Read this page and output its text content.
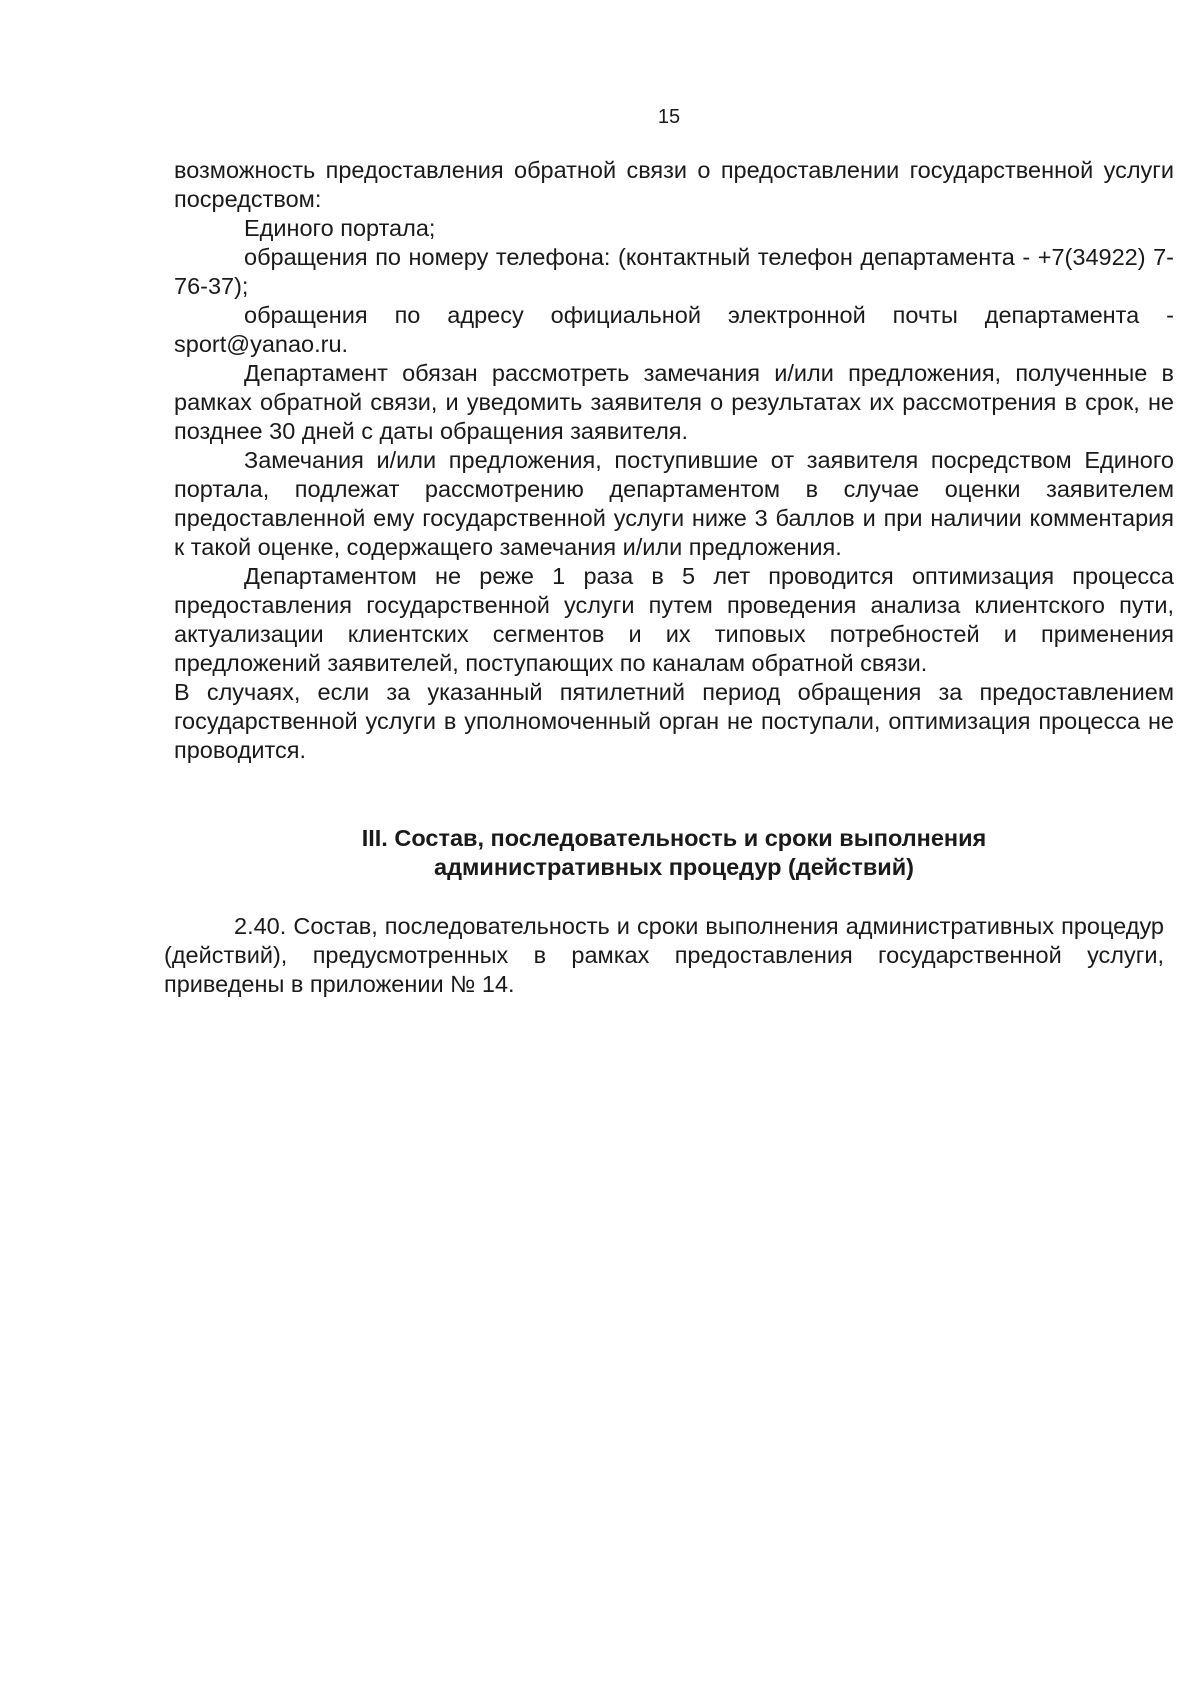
15

возможность предоставления обратной связи о предоставлении государственной услуги посредством:

Единого портала;

обращения по номеру телефона: (контактный телефон департамента - +7(34922) 7-76-37);

обращения по адресу официальной электронной почты департамента - sport@yanao.ru.

Департамент обязан рассмотреть замечания и/или предложения, полученные в рамках обратной связи, и уведомить заявителя о результатах их рассмотрения в срок, не позднее 30 дней с даты обращения заявителя.

Замечания и/или предложения, поступившие от заявителя посредством Единого портала, подлежат рассмотрению департаментом в случае оценки заявителем предоставленной ему государственной услуги ниже 3 баллов и при наличии комментария к такой оценке, содержащего замечания и/или предложения.

Департаментом не реже 1 раза в 5 лет проводится оптимизация процесса предоставления государственной услуги путем проведения анализа клиентского пути, актуализации клиентских сегментов и их типовых потребностей и применения предложений заявителей, поступающих по каналам обратной связи.

В случаях, если за указанный пятилетний период обращения за предоставлением государственной услуги в уполномоченный орган не поступали, оптимизация процесса не проводится.

III. Состав, последовательность и сроки выполнения
административных процедур (действий)

2.40. Состав, последовательность и сроки выполнения административных процедур (действий), предусмотренных в рамках предоставления государственной услуги, приведены в приложении № 14.
